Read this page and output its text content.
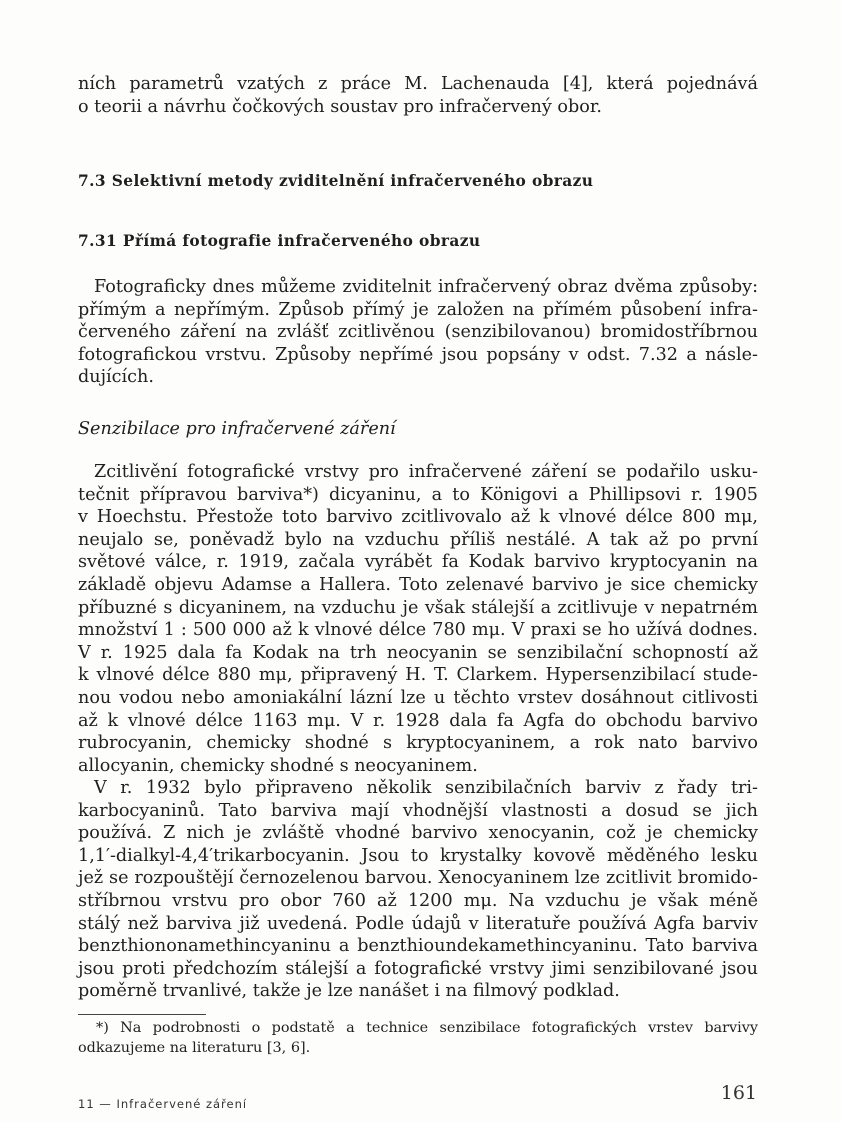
ních parametrů vzatých z práce M. Lachenauda [4], která pojednává
o teorii a návrhu čočkových soustav pro infračervený obor.

7.3 Selektivní metody zviditelnění infračerveného obrazu

7.31 Přímá fotografie infračerveného obrazu

Fotograficky dnes můžeme zviditelnit infračervený obraz dvěma způsoby:
přímým a nepřímým. Způsob přímý je založen na přímém působení infra-
červeného záření na zvlášť zcitlivěnou (senzibilovanou) bromidostříbrnou
fotografickou vrstvu. Způsoby nepřímé jsou popsány v odst. 7.32 a násle-
dujících.

Senzibilace pro infračervené záření

Zcitlivění fotografické vrstvy pro infračervené záření se podařilo usku-
tečnit přípravou barviva*) dicyaninu, a to Königovi a Phillipsovi r. 1905
v Hoechstu. Přestože toto barvivo zcitlivovalo až k vlnové délce 800 mμ,
neujalo se, poněvadž bylo na vzduchu příliš nestálé. A tak až po první
světové válce, r. 1919, začala vyrábět fa Kodak barvivo kryptocyanin na
základě objevu Adamse a Hallera. Toto zelenavé barvivo je sice chemicky
příbuzné s dicyaninem, na vzduchu je však stálejší a zcitlivuje v nepatrném
množství 1 : 500 000 až k vlnové délce 780 mμ. V praxi se ho užívá dodnes.
V r. 1925 dala fa Kodak na trh neocyanin se senzibilační schopností až
k vlnové délce 880 mμ, připravený H. T. Clarkem. Hypersenzibilací stude-
nou vodou nebo amoniakální lázní lze u těchto vrstev dosáhnout citlivosti
až k vlnové délce 1163 mμ. V r. 1928 dala fa Agfa do obchodu barvivo
rubrocyanin, chemicky shodné s kryptocyaninem, a rok nato barvivo
allocyanin, chemicky shodné s neocyaninem.

V r. 1932 bylo připraveno několik senzibilačních barviv z řady tri-
karbocyaninů. Tato barviva mají vhodnější vlastnosti a dosud se jich
používá. Z nich je zvláště vhodné barvivo xenocyanin, což je chemicky
1,1′-dialkyl-4,4′trikarbocyanin. Jsou to krystalky kovově měděného lesku
jež se rozpouštějí černozelenou barvou. Xenocyaninem lze zcitlivit bromido-
stříbrnou vrstvu pro obor 760 až 1200 mμ. Na vzduchu je však méně
stálý než barviva již uvedená. Podle údajů v literatuře používá Agfa barviv
benzthiononamethincyaninu a benzthioundekamethincyaninu. Tato barviva
jsou proti předchozím stálejší a fotografické vrstvy jimi senzibilované jsou
poměrně trvanlivé, takže je lze nanášet i na filmový podklad.

*) Na podrobnosti o podstatě a technice senzibilace fotografických vrstev barvivy
odkazujeme na literaturu [3, 6].
11 — Infračervené záření	161
